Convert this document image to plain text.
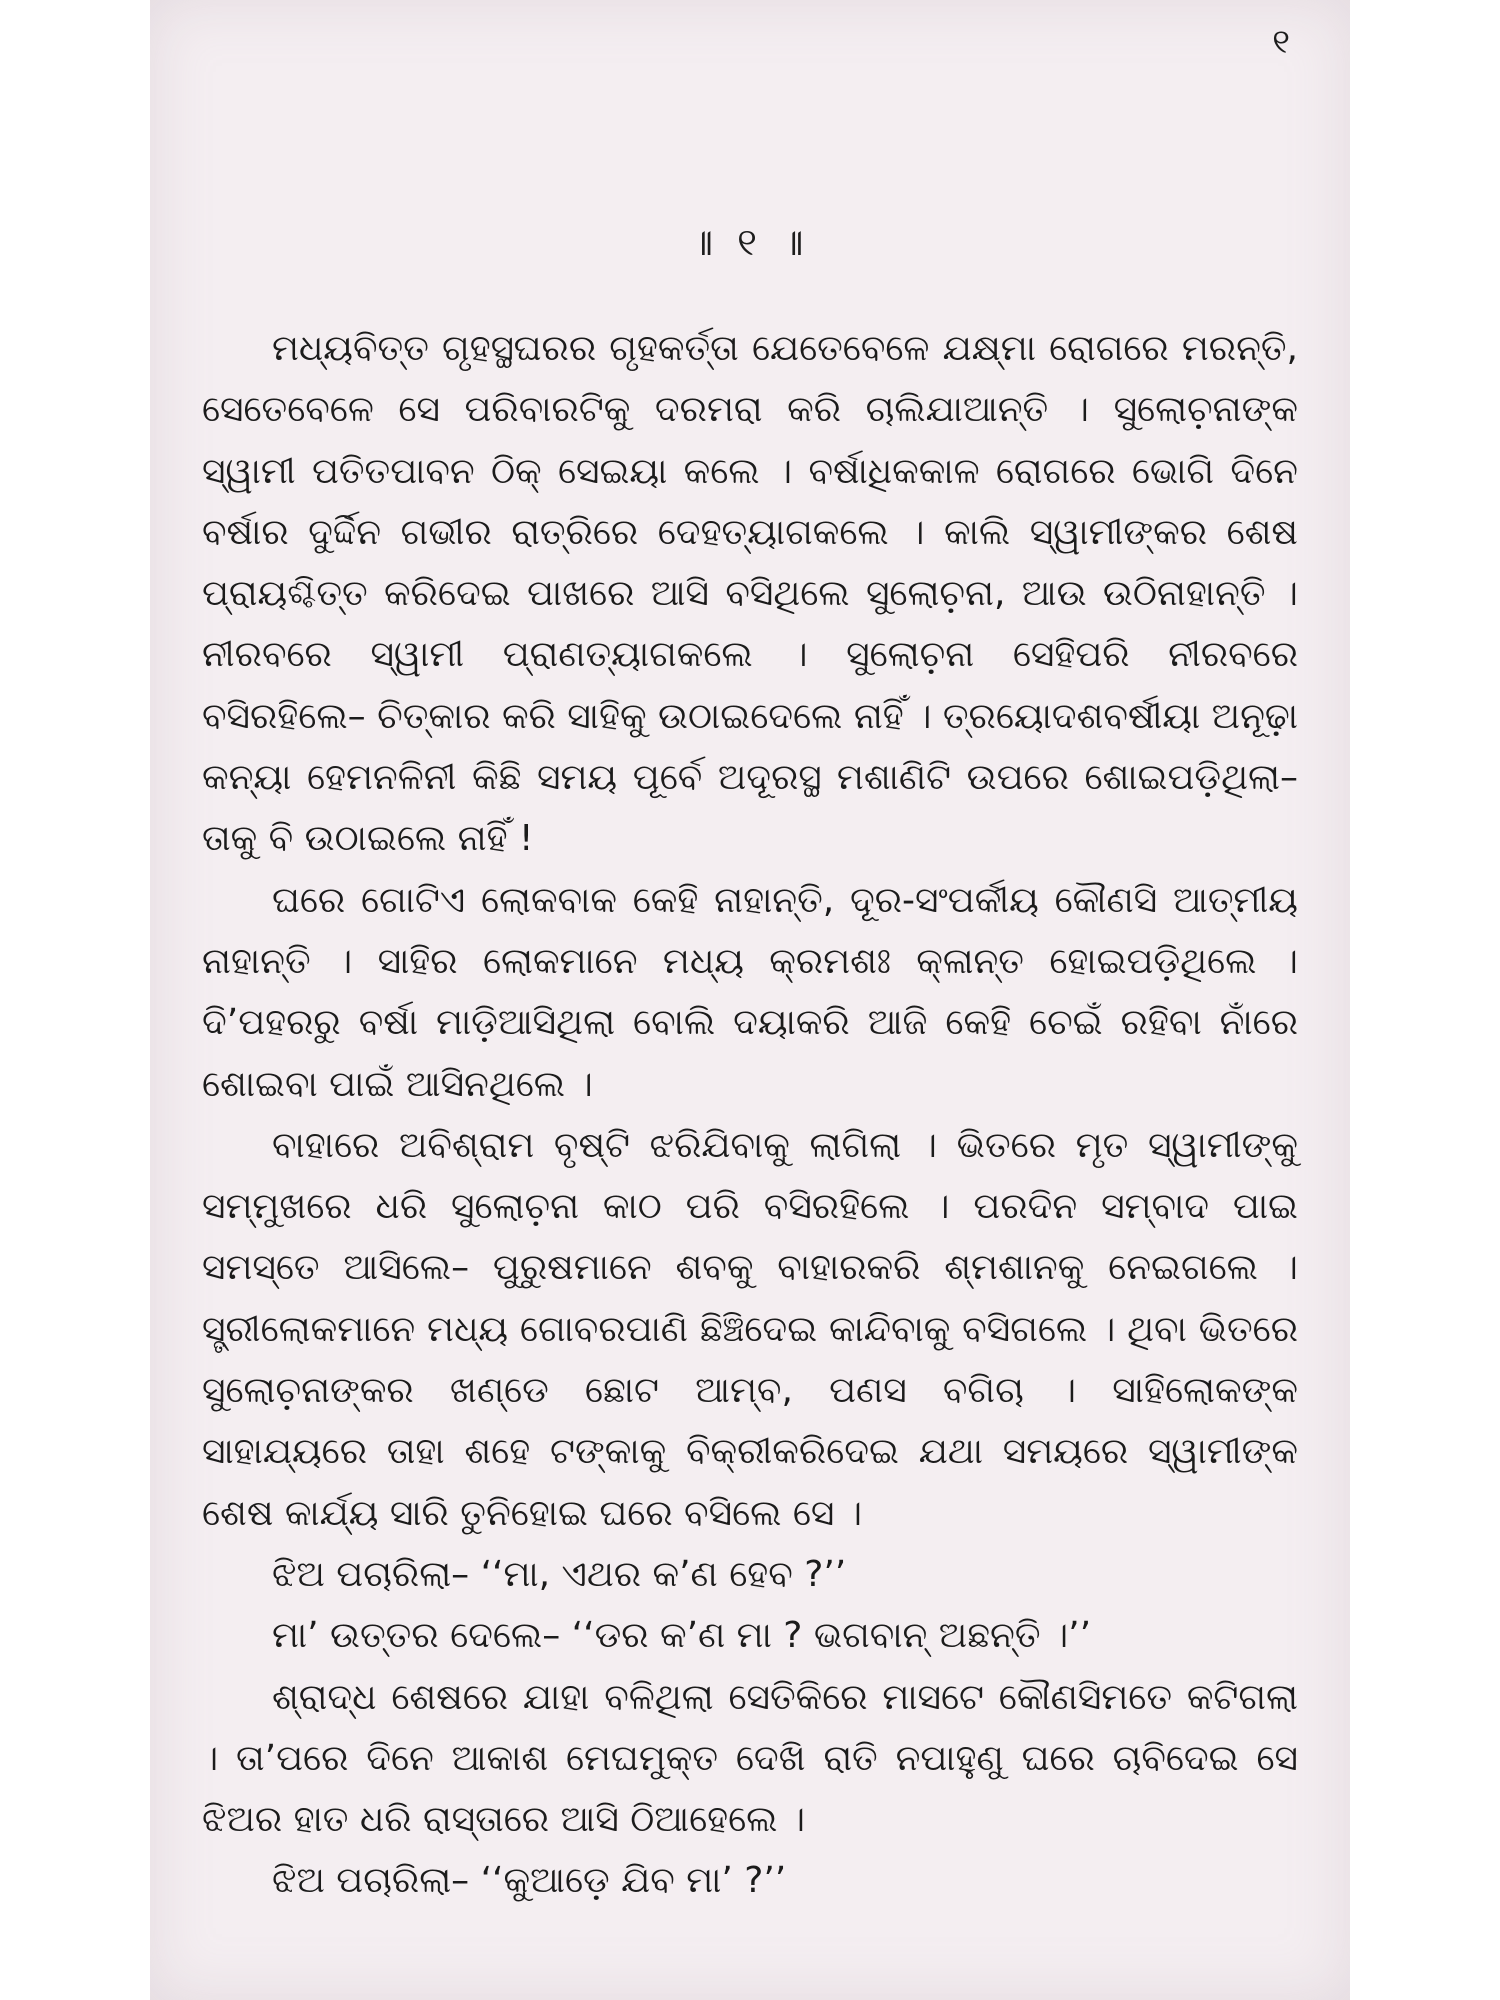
୧
॥ ୧ ॥

ମଧ୍ୟବିତ୍ତ ଗୃହସ୍ଥଘରର ଗୃହକର୍ତ୍ତା ଯେତେବେଳେ ଯକ୍ଷ୍ମା ରୋଗରେ ମରନ୍ତି, ସେତେବେଳେ ସେ ପରିବାରଟିକୁ ଦରମରା କରି ଚାଲିଯାଆନ୍ତି । ସୁଲୋଚ଼ନାଙ୍କ ସ୍ୱାମୀ ପତିତପାବନ ଠିକ୍ ସେଇୟା କଲେ । ବର୍ଷାଧିକକାଳ ରୋଗରେ ଭୋଗି ଦିନେ ବର୍ଷାର ଦୁର୍ଦ୍ଦିନ ଗଭୀର ରାତ୍ରିରେ ଦେହତ୍ୟାଗକଲେ । କାଲି ସ୍ୱାମୀଙ୍କର ଶେଷ ପ୍ରାୟଶ୍ଚିତ୍ତ କରିଦେଇ ପାଖରେ ଆସି ବସିଥିଲେ ସୁଲୋଚ଼ନା, ଆଉ ଉଠିନାହାନ୍ତି । ନୀରବରେ ସ୍ୱାମୀ ପ୍ରାଣତ୍ୟାଗକଲେ । ସୁଲୋଚ଼ନା ସେହିପରି ନୀରବରେ ବସିରହିଲେ– ଚିତ୍କାର କରି ସାହିକୁ ଉଠାଇଦେଲେ ନାହିଁ । ତ୍ରୟୋଦଶବର୍ଷୀୟା ଅନୂଢ଼ା କନ୍ୟା ହେମନଳିନୀ କିଛି ସମୟ ପୂର୍ବେ ଅଦୂରସ୍ଥ ମଶାଣିଟି ଉପରେ ଶୋଇପଡ଼ିଥିଲା– ତାକୁ ବି ଉଠାଇଲେ ନାହିଁ !

ଘରେ ଗୋଟିଏ ଲୋକବାକ କେହି ନାହାନ୍ତି, ଦୂର-ସଂପର୍କୀୟ କୌଣସି ଆତ୍ମୀୟ ନାହାନ୍ତି । ସାହିର ଲୋକମାନେ ମଧ୍ୟ କ୍ରମଶଃ କ୍ଳାନ୍ତ ହୋଇପଡ଼ିଥିଲେ । ଦି’ପହରରୁ ବର୍ଷା ମାଡ଼ିଆସିଥିଲା ବୋଲି ଦୟାକରି ଆଜି କେହି ଚେଇଁ ରହିବା ନାଁରେ ଶୋଇବା ପାଇଁ ଆସିନଥିଲେ ।

ବାହାରେ ଅବିଶ୍ରାମ ବୃଷ୍ଟି ଝରିଯିବାକୁ ଲାଗିଲା । ଭିତରେ ମୃତ ସ୍ୱାମୀଙ୍କୁ ସମ୍ମୁଖରେ ଧରି ସୁଲୋଚ଼ନା କାଠ ପରି ବସିରହିଲେ । ପରଦିନ ସମ୍ବାଦ ପାଇ ସମସ୍ତେ ଆସିଲେ– ପୁରୁଷମାନେ ଶବକୁ ବାହାରକରି ଶ୍ମଶାନକୁ ନେଇଗଲେ । ସ୍ତ୍ରୀଲୋକମାନେ ମଧ୍ୟ ଗୋବରପାଣି ଛିଞ୍ଚିଦେଇ କାନ୍ଦିବାକୁ ବସିଗଲେ । ଥିବା ଭିତରେ ସୁଲୋଚ଼ନାଙ୍କର ଖଣ୍ଡେ ଛୋଟ ଆମ୍ବ, ପଣସ ବଗିଚା । ସାହିଲୋକଙ୍କ ସାହାଯ୍ୟରେ ତାହା ଶହେ ଟଙ୍କାକୁ ବିକ୍ରୀକରିଦେଇ ଯଥା ସମୟରେ ସ୍ୱାମୀଙ୍କ ଶେଷ କାର୍ଯ୍ୟ ସାରି ତୁନିହୋଇ ଘରେ ବସିଲେ ସେ ।

ଝିଅ ପଚାରିଲା– ‘‘ମା, ଏଥର କ’ଣ ହେବ ?’’

ମା’ ଉତ୍ତର ଦେଲେ– ‘‘ଡର କ’ଣ ମା ? ଭଗବାନ୍ ଅଛନ୍ତି ।’’

ଶ୍ରାଦ୍ଧ ଶେଷରେ ଯାହା ବଳିଥିଲା ସେତିକିରେ ମାସଟେ କୌଣସିମତେ କଟିଗଲା । ତା’ପରେ ଦିନେ ଆକାଶ ମେଘମୁକ୍ତ ଦେଖି ରାତି ନପାହୁଣୁ ଘରେ ଚାବିଦେଇ ସେ ଝିଅର ହାତ ଧରି ରାସ୍ତାରେ ଆସି ଠିଆହେଲେ ।

ଝିଅ ପଚାରିଲା– ‘‘କୁଆଡ଼େ ଯିବ ମା’ ?’’
